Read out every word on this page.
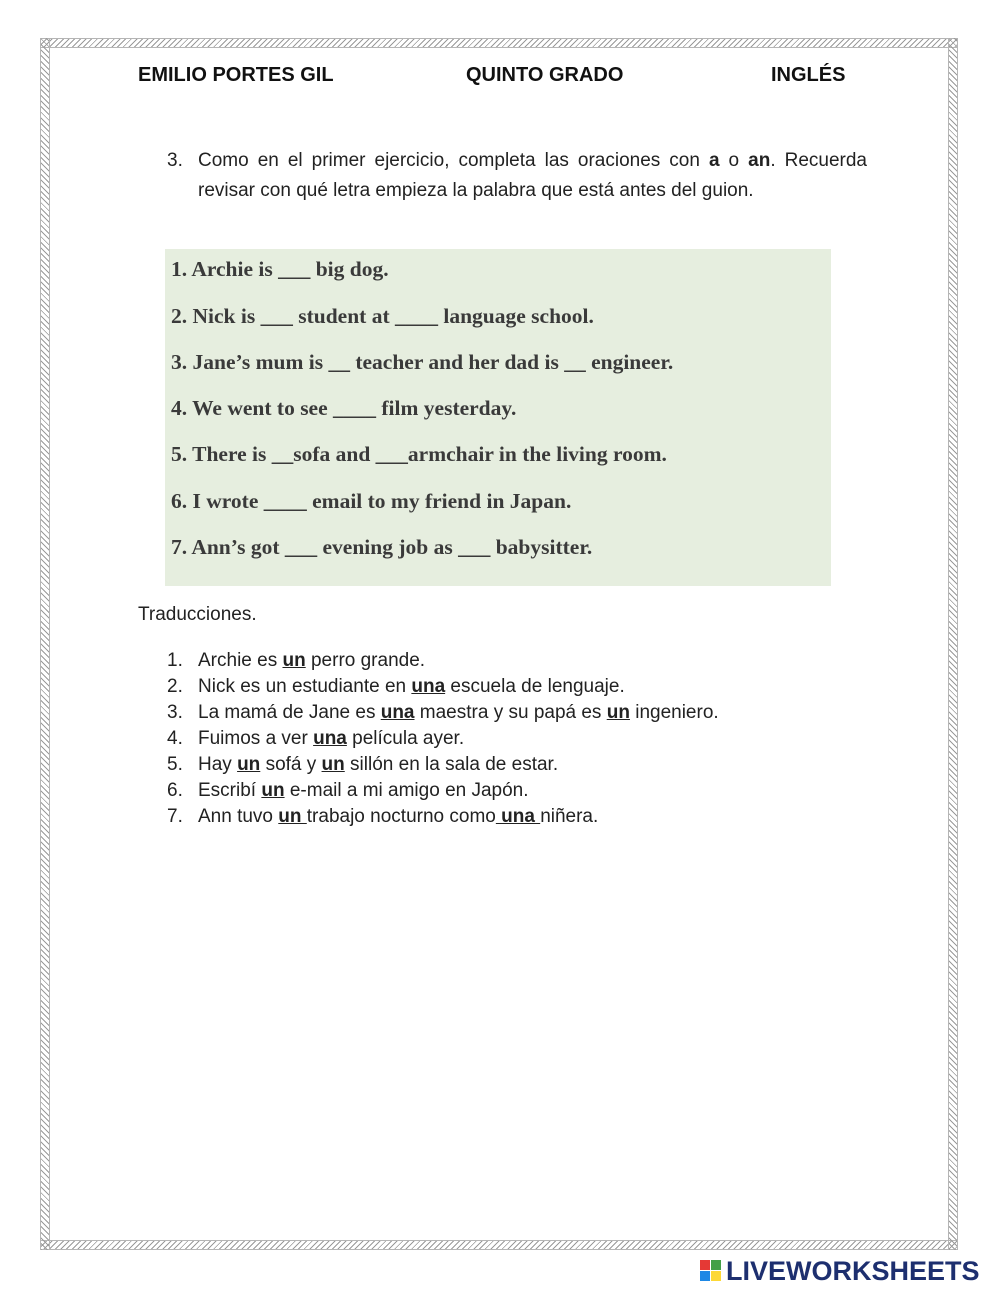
EMILIO PORTES GIL	QUINTO GRADO	INGLÉS
3. Como en el primer ejercicio, completa las oraciones con a o an. Recuerda revisar con qué letra empieza la palabra que está antes del guion.
1. Archie is ___ big dog.
2. Nick is ___ student at ____ language school.
3. Jane’s mum is __ teacher and her dad is __ engineer.
4. We went to see ____ film yesterday.
5. There is __sofa and ___armchair in the living room.
6. I wrote ____ email to my friend in Japan.
7. Ann’s got ___ evening job as ___ babysitter.
Traducciones.
1. Archie es un perro grande.
2. Nick es un estudiante en una escuela de lenguaje.
3. La mamá de Jane es una maestra y su papá es un ingeniero.
4. Fuimos a ver una película ayer.
5. Hay un sofá y un sillón en la sala de estar.
6. Escribí un e-mail a mi amigo en Japón.
7. Ann tuvo un trabajo nocturno como una niñera.
LIVEWORKSHEETS
